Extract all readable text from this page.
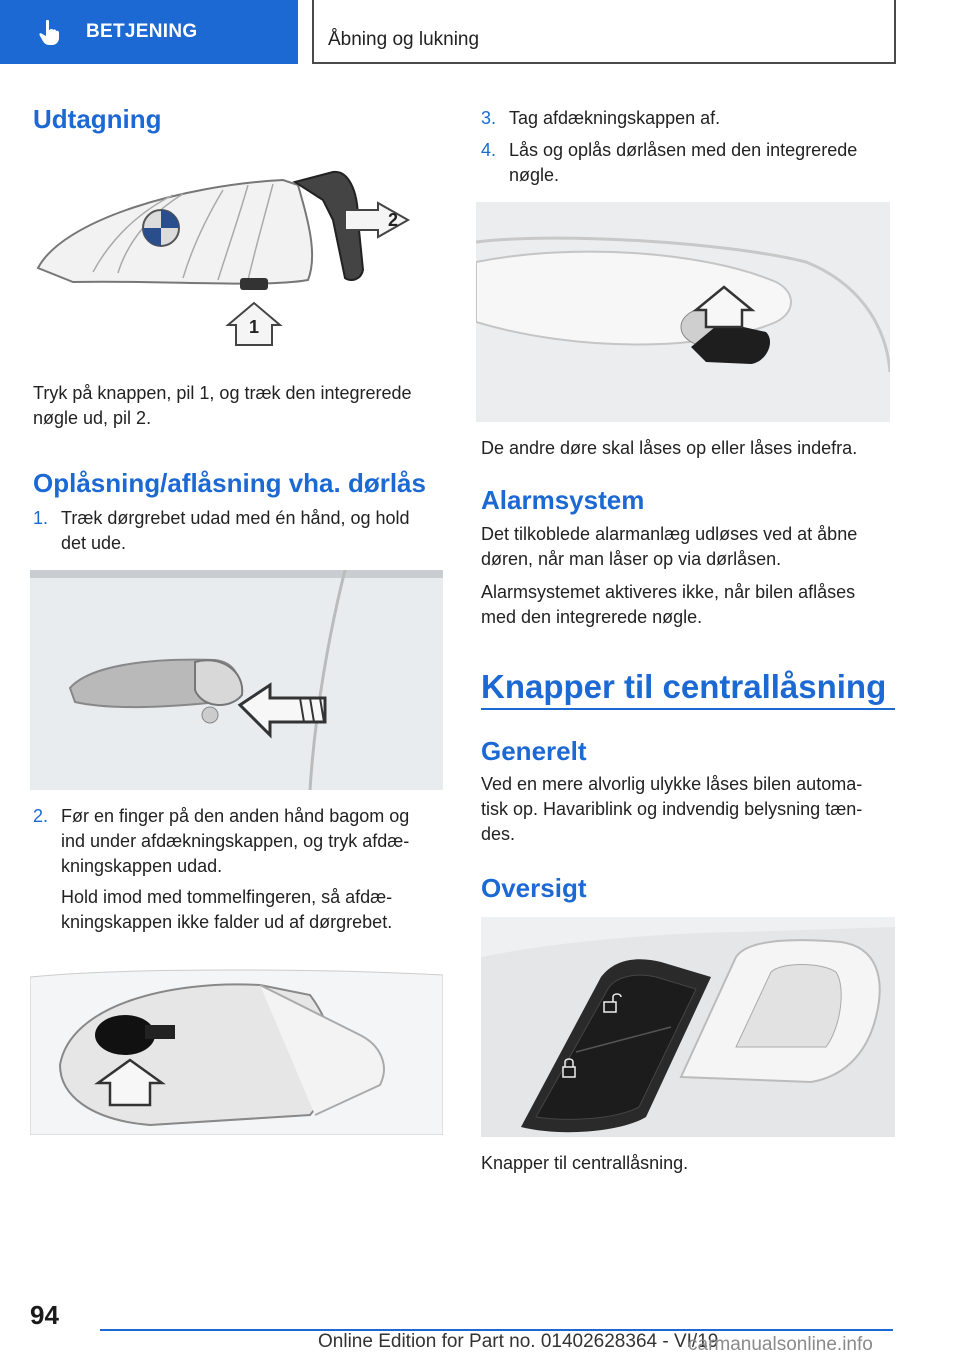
BETJENING	Åbning og lukning
Udtagning
2
1
Tryk på knappen, pil 1, og træk den integrerede
nøgle ud, pil 2.
Oplåsning/aflåsning vha. dørlås
1. Træk dørgrebet udad med én hånd, og hold
det ude.
2. Før en finger på den anden hånd bagom og
ind under afdækningskappen, og tryk afdæ‐
kningskappen udad.
Hold imod med tommelfingeren, så afdæ‐
kningskappen ikke falder ud af dørgrebet.
3. Tag afdækningskappen af.
4. Lås og oplås dørlåsen med den integrerede
nøgle.
De andre døre skal låses op eller låses indefra.
Alarmsystem
Det tilkoblede alarmanlæg udløses ved at åbne
døren, når man låser op via dørlåsen.
Alarmsystemet aktiveres ikke, når bilen aflåses
med den integrerede nøgle.
Knapper til centrallåsning
Generelt
Ved en mere alvorlig ulykke låses bilen automa‐
tisk op. Havariblink og indvendig belysning tæn‐
des.
Oversigt
Knapper til centrallåsning.
94
Online Edition for Part no. 01402628364 - VI/19
carmanualsonline.info
